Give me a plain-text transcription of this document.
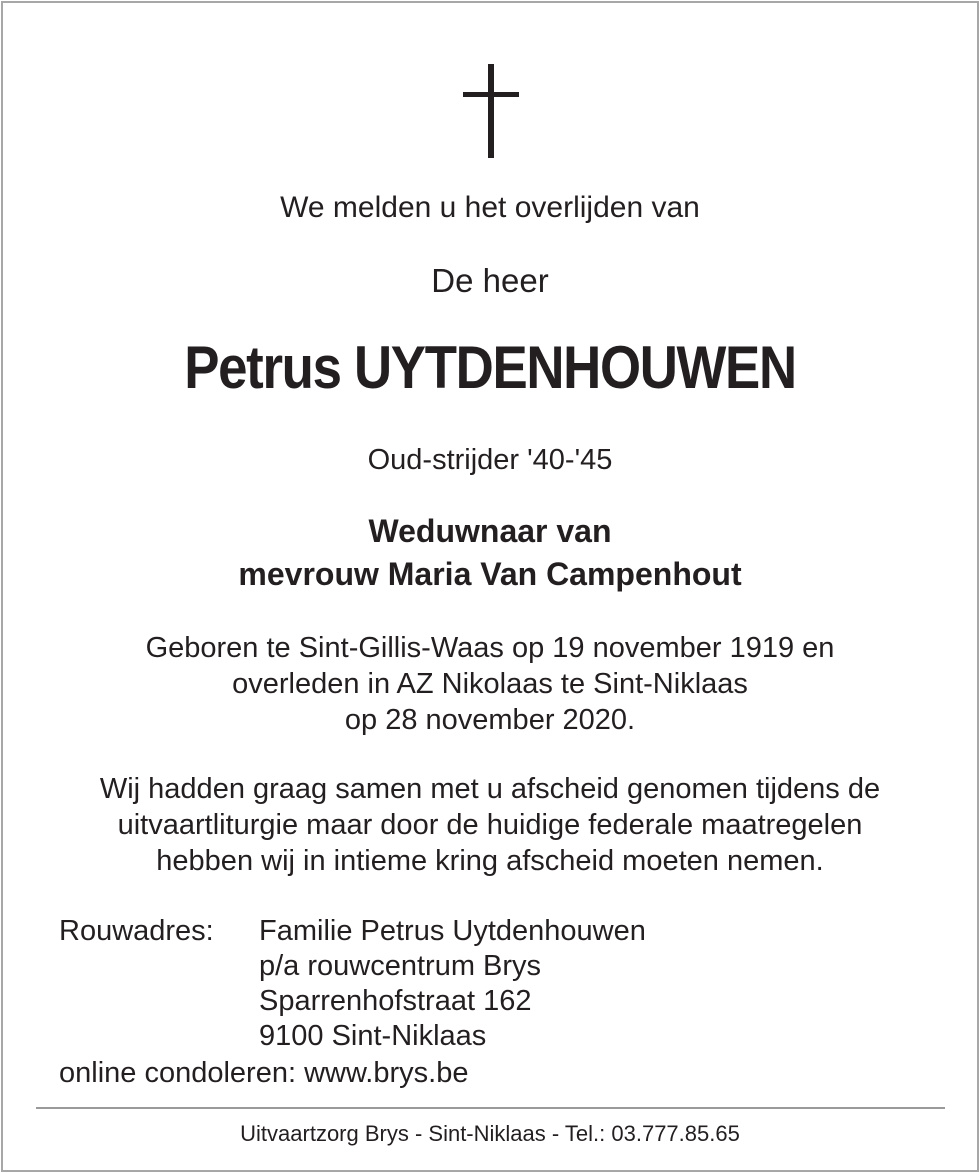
We melden u het overlijden van
De heer
Petrus UYTDENHOUWEN
Oud-strijder '40-'45
Weduwnaar van
mevrouw Maria Van Campenhout
Geboren te Sint-Gillis-Waas op 19 november 1919 en
overleden in AZ Nikolaas te Sint-Niklaas
op 28 november 2020.
Wij hadden graag samen met u afscheid genomen tijdens de
uitvaartliturgie maar door de huidige federale maatregelen
hebben wij in intieme kring afscheid moeten nemen.
Rouwadres: Familie Petrus Uytdenhouwen
p/a rouwcentrum Brys
Sparrenhofstraat 162
9100 Sint-Niklaas
online condoleren: www.brys.be
Uitvaartzorg Brys - Sint-Niklaas - Tel.: 03.777.85.65
